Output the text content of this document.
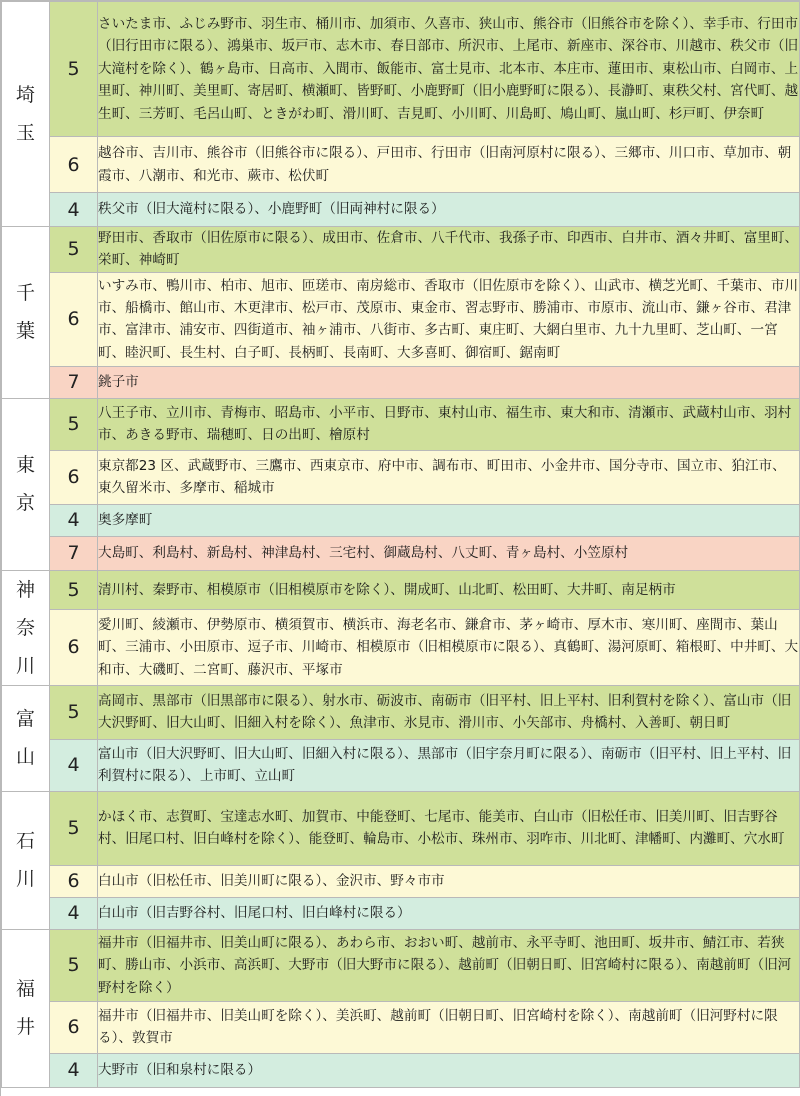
埼玉	5	さいたま市、ふじみ野市、羽生市、桶川市、加須市、久喜市、狭山市、熊谷市（旧熊谷市を除く）、幸手市、行田市（旧行田市に限る）、鴻巣市、坂戸市、志木市、春日部市、所沢市、上尾市、新座市、深谷市、川越市、秩父市（旧大滝村を除く）、鶴ヶ島市、日高市、入間市、飯能市、富士見市、北本市、本庄市、蓮田市、東松山市、白岡市、上里町、神川町、美里町、寄居町、横瀬町、皆野町、小鹿野町（旧小鹿野町に限る）、長瀞町、東秩父村、宮代町、越生町、三芳町、毛呂山町、ときがわ町、滑川町、吉見町、小川町、川島町、鳩山町、嵐山町、杉戸町、伊奈町
	6	越谷市、吉川市、熊谷市（旧熊谷市に限る）、戸田市、行田市（旧南河原村に限る）、三郷市、川口市、草加市、朝霞市、八潮市、和光市、蕨市、松伏町
	4	秩父市（旧大滝村に限る）、小鹿野町（旧両神村に限る）
千葉	5	野田市、香取市（旧佐原市に限る）、成田市、佐倉市、八千代市、我孫子市、印西市、白井市、酒々井町、富里町、栄町、神崎町
	6	いすみ市、鴨川市、柏市、旭市、匝瑳市、南房総市、香取市（旧佐原市を除く）、山武市、横芝光町、千葉市、市川市、船橋市、館山市、木更津市、松戸市、茂原市、東金市、習志野市、勝浦市、市原市、流山市、鎌ヶ谷市、君津市、富津市、浦安市、四街道市、袖ヶ浦市、八街市、多古町、東庄町、大網白里市、九十九里町、芝山町、一宮町、睦沢町、長生村、白子町、長柄町、長南町、大多喜町、御宿町、鋸南町
	7	銚子市
東京	5	八王子市、立川市、青梅市、昭島市、小平市、日野市、東村山市、福生市、東大和市、清瀬市、武蔵村山市、羽村市、あきる野市、瑞穂町、日の出町、檜原村
	6	東京都23 区、武蔵野市、三鷹市、西東京市、府中市、調布市、町田市、小金井市、国分寺市、国立市、狛江市、東久留米市、多摩市、稲城市
	4	奥多摩町
	7	大島町、利島村、新島村、神津島村、三宅村、御蔵島村、八丈町、青ヶ島村、小笠原村
神奈川	5	清川村、秦野市、相模原市（旧相模原市を除く）、開成町、山北町、松田町、大井町、南足柄市
	6	愛川町、綾瀬市、伊勢原市、横須賀市、横浜市、海老名市、鎌倉市、茅ヶ崎市、厚木市、寒川町、座間市、葉山町、三浦市、小田原市、逗子市、川崎市、相模原市（旧相模原市に限る）、真鶴町、湯河原町、箱根町、中井町、大和市、大磯町、二宮町、藤沢市、平塚市
富山	5	高岡市、黒部市（旧黒部市に限る）、射水市、砺波市、南砺市（旧平村、旧上平村、旧利賀村を除く）、富山市（旧大沢野町、旧大山町、旧細入村を除く）、魚津市、氷見市、滑川市、小矢部市、舟橋村、入善町、朝日町
	4	富山市（旧大沢野町、旧大山町、旧細入村に限る）、黒部市（旧宇奈月町に限る）、南砺市（旧平村、旧上平村、旧利賀村に限る）、上市町、立山町
石川	5	かほく市、志賀町、宝達志水町、加賀市、中能登町、七尾市、能美市、白山市（旧松任市、旧美川町、旧吉野谷村、旧尾口村、旧白峰村を除く）、能登町、輪島市、小松市、珠州市、羽咋市、川北町、津幡町、内灘町、穴水町
	6	白山市（旧松任市、旧美川町に限る）、金沢市、野々市市
	4	白山市（旧吉野谷村、旧尾口村、旧白峰村に限る）
福井	5	福井市（旧福井市、旧美山町に限る）、あわら市、おおい町、越前市、永平寺町、池田町、坂井市、鯖江市、若狭町、勝山市、小浜市、高浜町、大野市（旧大野市に限る）、越前町（旧朝日町、旧宮崎村に限る）、南越前町（旧河野村を除く）
	6	福井市（旧福井市、旧美山町を除く）、美浜町、越前町（旧朝日町、旧宮崎村を除く）、南越前町（旧河野村に限る）、敦賀市
	4	大野市（旧和泉村に限る）
